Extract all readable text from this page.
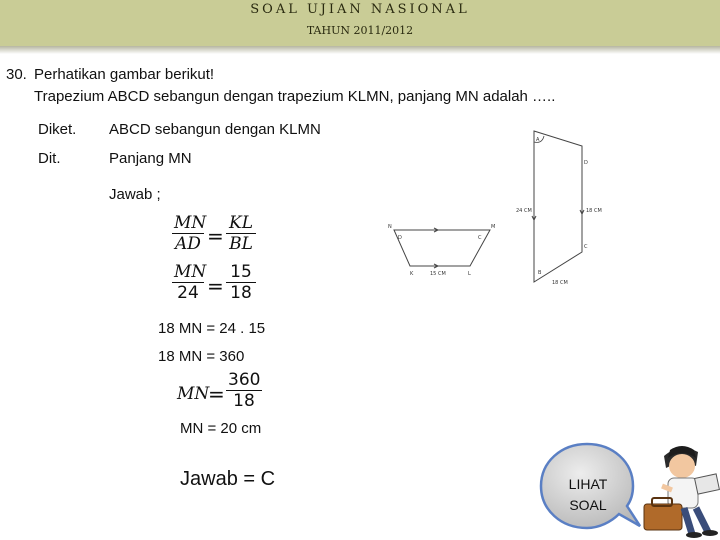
SOAL UJIAN NASIONAL
TAHUN 2011/2012
30. Perhatikan gambar berikut!
Trapezium ABCD sebangun dengan trapezium KLMN, panjang MN adalah …..
Diket. ABCD sebangun dengan KLMN
Dit.	Panjang MN
Jawab ;
$\frac{MN}{AD} = \frac{KL}{BL}$
$\frac{MN}{24} = \frac{15}{18}$
18 MN = 24 . 15
18 MN = 360
MN
= $\frac{360}{18}$
MN = 20 cm
Jawab = C
N	M
D	C
K	L
15 CM
A
D
24 CM	18 CM
B
C
18 CM
LIHAT
SOAL
